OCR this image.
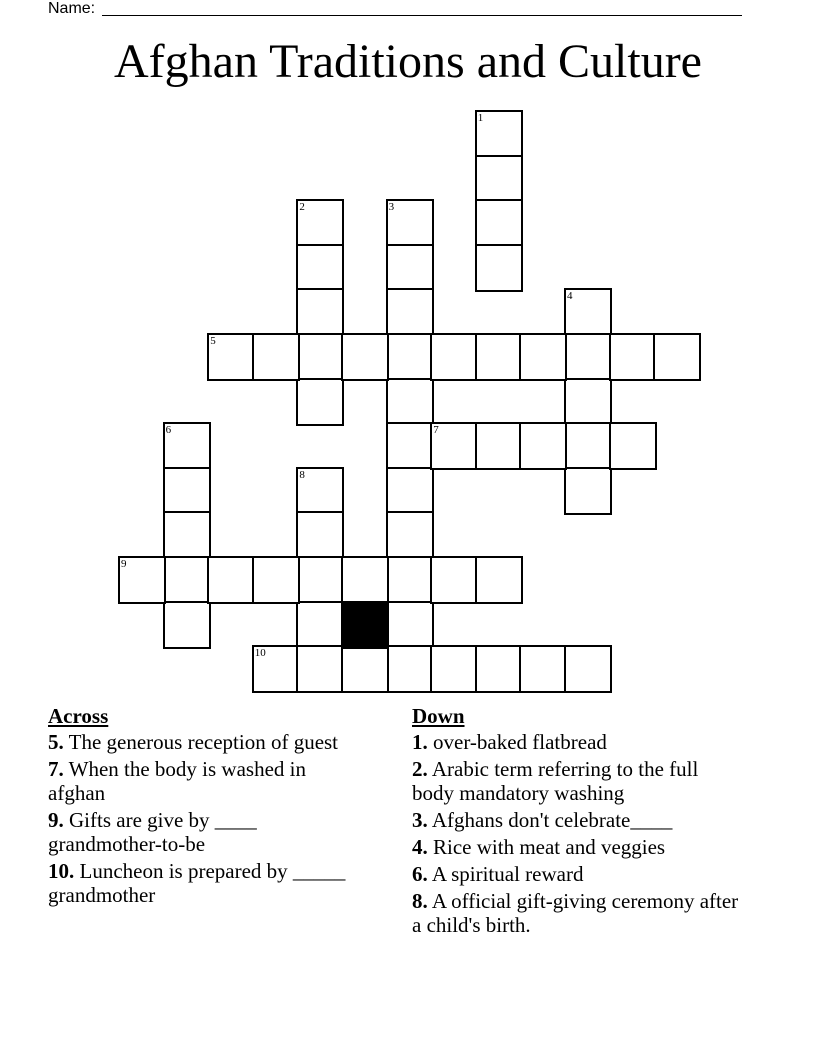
Name:
Afghan Traditions and Culture
1
2	3
4
5
6	7
8
9
10
Across
5. The generous reception of guest
7. When the body is washed in afghan
9. Gifts are give by ____ grandmother-to-be
10. Luncheon is prepared by _____ grandmother
Down
1. over-baked flatbread
2. Arabic term referring to the full body mandatory washing
3. Afghans don't celebrate____
4. Rice with meat and veggies
6. A spiritual reward
8. A official gift-giving ceremony after a child's birth.
